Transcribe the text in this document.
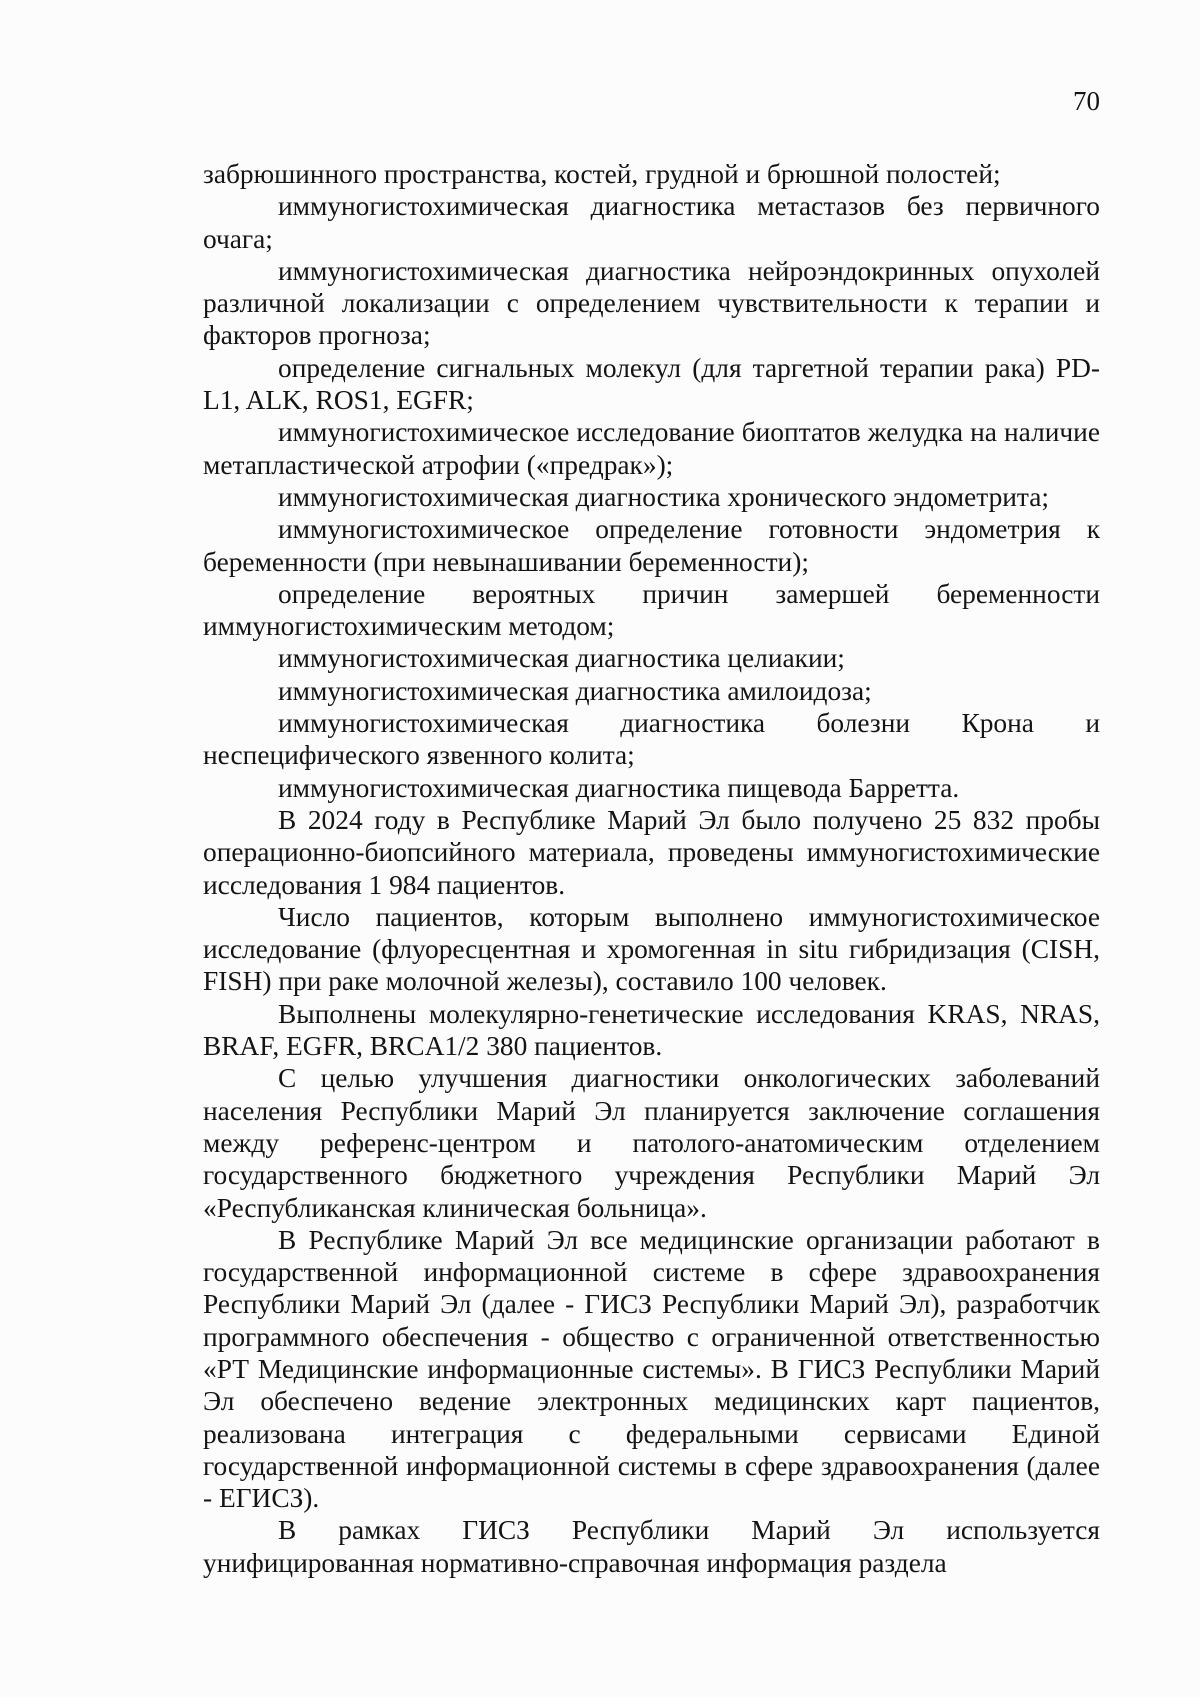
70

забрюшинного пространства, костей, грудной и брюшной полостей;

иммуногистохимическая диагностика метастазов без первичного очага;

иммуногистохимическая диагностика нейроэндокринных опухолей различной локализации с определением чувствительности к терапии и факторов прогноза;

определение сигнальных молекул (для таргетной терапии рака) PD-L1, ALK, ROS1, EGFR;

иммуногистохимическое исследование биоптатов желудка на наличие метапластической атрофии («предрак»);

иммуногистохимическая диагностика хронического эндометрита;

иммуногистохимическое определение готовности эндометрия к беременности (при невынашивании беременности);

определение вероятных причин замершей беременности иммуногистохимическим методом;

иммуногистохимическая диагностика целиакии;

иммуногистохимическая диагностика амилоидоза;

иммуногистохимическая диагностика болезни Крона и неспецифического язвенного колита;

иммуногистохимическая диагностика пищевода Барретта.

В 2024 году в Республике Марий Эл было получено 25 832 пробы операционно-биопсийного материала, проведены иммуногистохимические исследования 1 984 пациентов.

Число пациентов, которым выполнено иммуногистохимическое исследование (флуоресцентная и хромогенная in situ гибридизация (CISH, FISH) при раке молочной железы), составило 100 человек.

Выполнены молекулярно-генетические исследования KRAS, NRAS, BRAF, EGFR, BRCA1/2 380 пациентов.

С целью улучшения диагностики онкологических заболеваний населения Республики Марий Эл планируется заключение соглашения между референс-центром и патолого-анатомическим отделением государственного бюджетного учреждения Республики Марий Эл «Республиканская клиническая больница».

В Республике Марий Эл все медицинские организации работают в государственной информационной системе в сфере здравоохранения Республики Марий Эл (далее - ГИСЗ Республики Марий Эл), разработчик программного обеспечения - общество с ограниченной ответственностью «РТ Медицинские информационные системы». В ГИСЗ Республики Марий Эл обеспечено ведение электронных медицинских карт пациентов, реализована интеграция с федеральными сервисами Единой государственной информационной системы в сфере здравоохранения (далее - ЕГИСЗ).

В рамках ГИСЗ Республики Марий Эл используется унифицированная нормативно-справочная информация раздела
